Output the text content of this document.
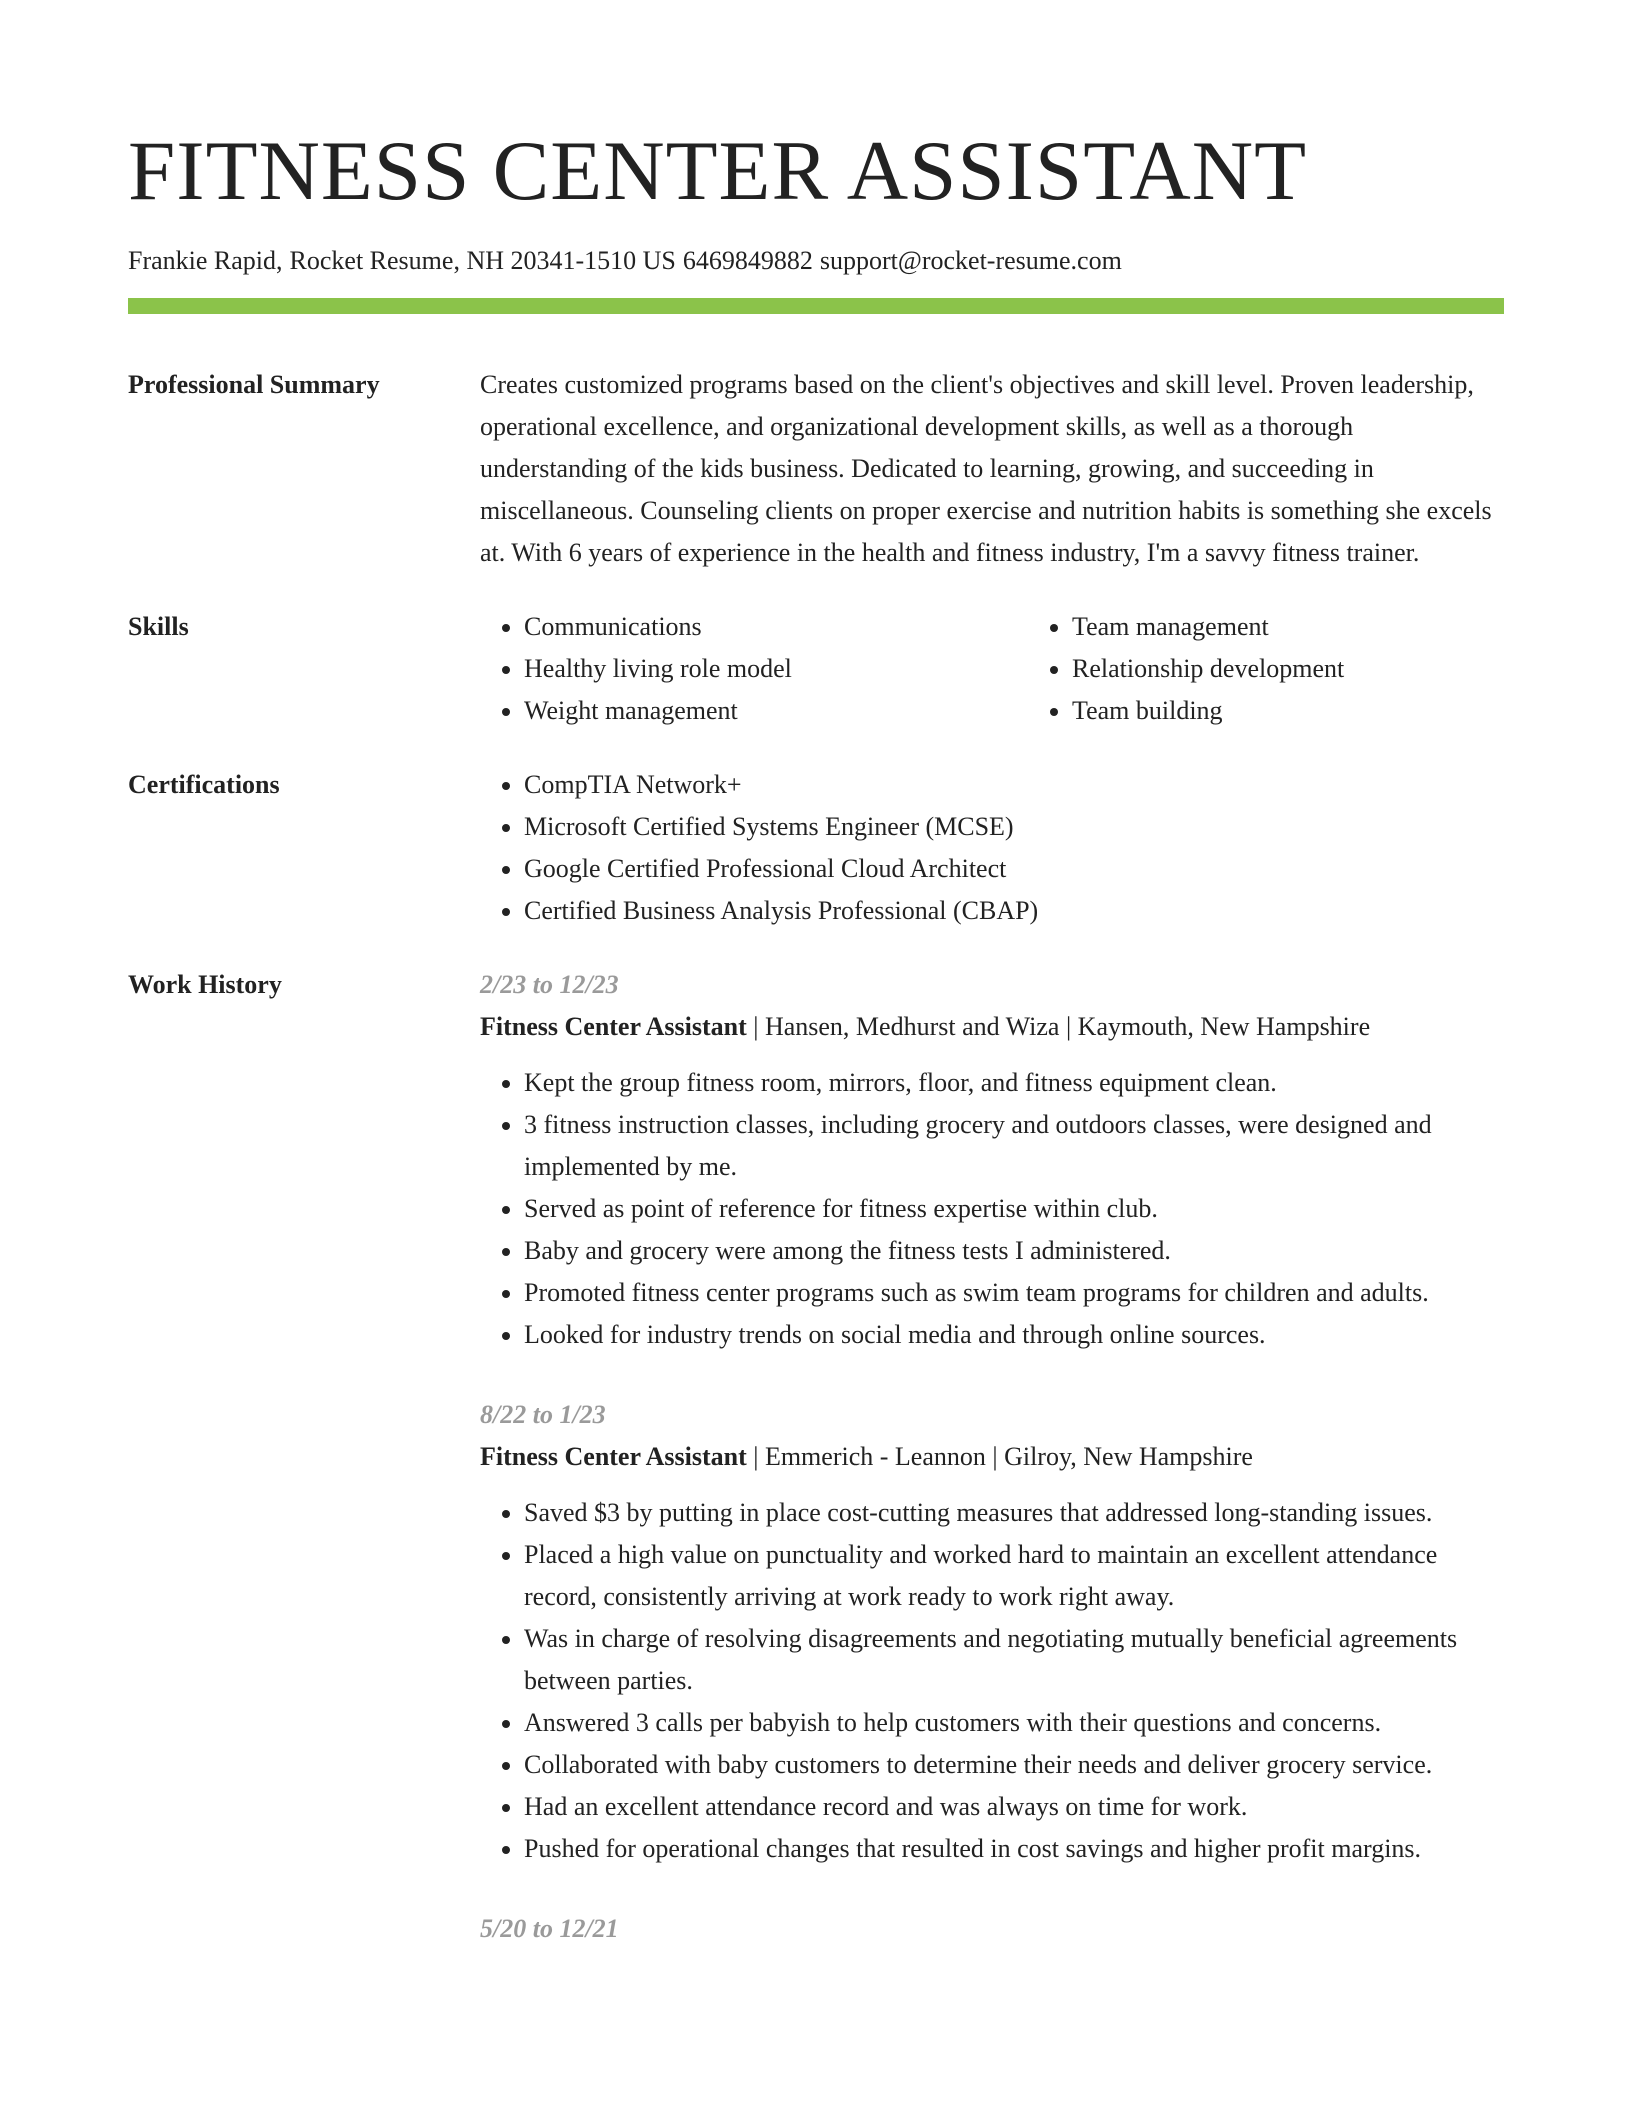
FITNESS CENTER ASSISTANT
Frankie Rapid, Rocket Resume, NH 20341-1510 US 6469849882 support@rocket-resume.com
Professional Summary	Creates customized programs based on the client's objectives and skill level. Proven leadership, operational excellence, and organizational development skills, as well as a thorough understanding of the kids business. Dedicated to learning, growing, and succeeding in miscellaneous. Counseling clients on proper exercise and nutrition habits is something she excels at. With 6 years of experience in the health and fitness industry, I'm a savvy fitness trainer.

Skills	• Communications
• Healthy living role model
• Weight management
• Team management
• Relationship development
• Team building
Certifications	• CompTIA Network+
• Microsoft Certified Systems Engineer (MCSE)
• Google Certified Professional Cloud Architect
• Certified Business Analysis Professional (CBAP)
Work History	2/23 to 12/23
Fitness Center Assistant | Hansen, Medhurst and Wiza | Kaymouth, New Hampshire
• Kept the group fitness room, mirrors, floor, and fitness equipment clean.
• 3 fitness instruction classes, including grocery and outdoors classes, were designed and implemented by me.
• Served as point of reference for fitness expertise within club.
• Baby and grocery were among the fitness tests I administered.
• Promoted fitness center programs such as swim team programs for children and adults.
• Looked for industry trends on social media and through online sources.
8/22 to 1/23
Fitness Center Assistant | Emmerich - Leannon | Gilroy, New Hampshire
• Saved $3 by putting in place cost-cutting measures that addressed long-standing issues.
• Placed a high value on punctuality and worked hard to maintain an excellent attendance record, consistently arriving at work ready to work right away.
• Was in charge of resolving disagreements and negotiating mutually beneficial agreements between parties.
• Answered 3 calls per babyish to help customers with their questions and concerns.
• Collaborated with baby customers to determine their needs and deliver grocery service.
• Had an excellent attendance record and was always on time for work.
• Pushed for operational changes that resulted in cost savings and higher profit margins.
5/20 to 12/21
